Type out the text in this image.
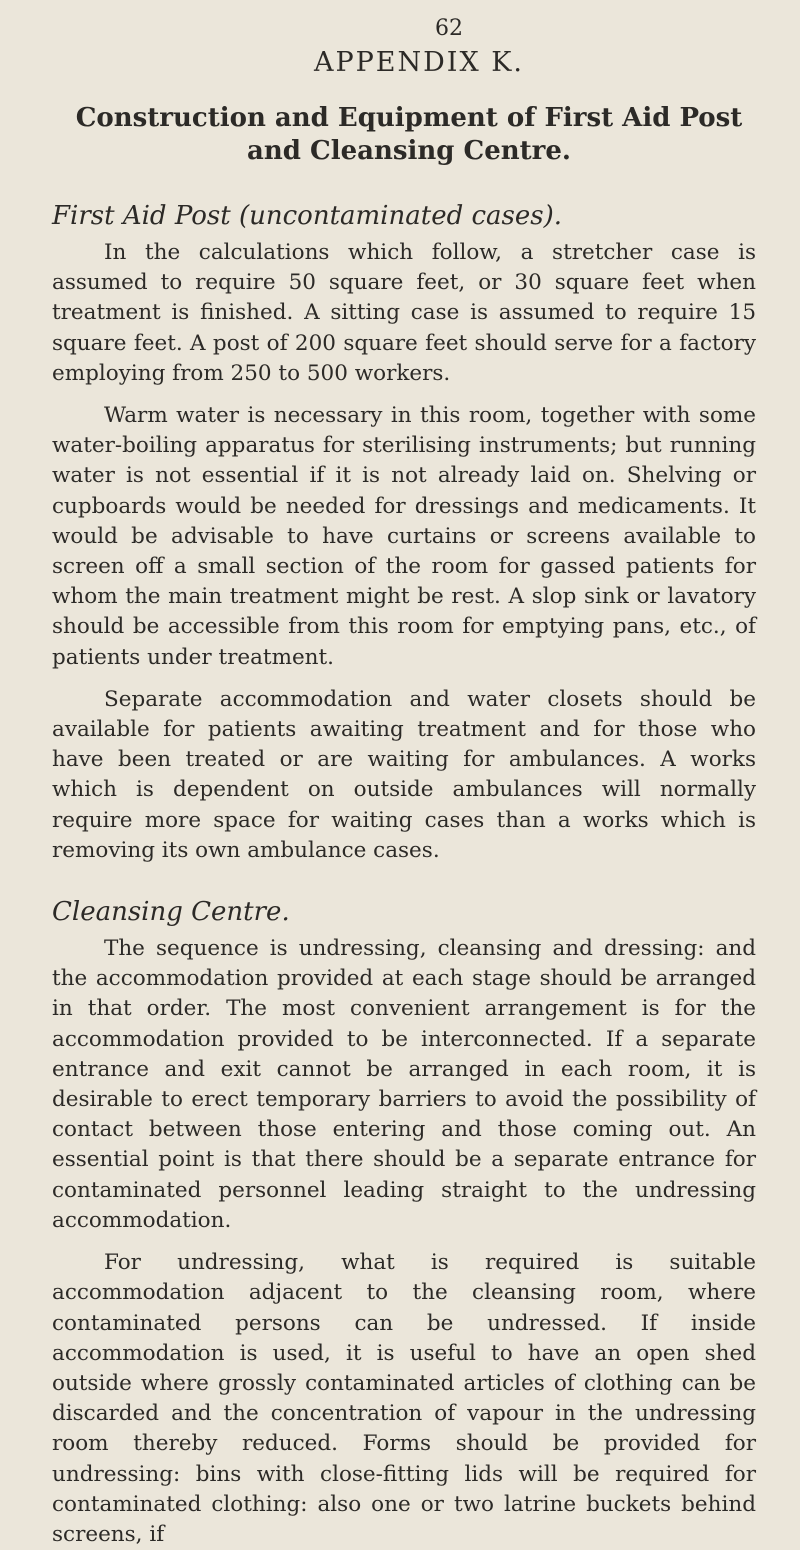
62
APPENDIX K.
Construction and Equipment of First Aid Post
and Cleansing Centre.
First Aid Post (uncontaminated cases).

In the calculations which follow, a stretcher case is assumed to require 50 square feet, or 30 square feet when treatment is finished. A sitting case is assumed to require 15 square feet. A post of 200 square feet should serve for a factory employing from 250 to 500 workers.

Warm water is necessary in this room, together with some water-boiling apparatus for sterilising instruments; but running water is not essential if it is not already laid on. Shelving or cupboards would be needed for dressings and medicaments. It would be advisable to have curtains or screens available to screen off a small section of the room for gassed patients for whom the main treatment might be rest. A slop sink or lavatory should be accessible from this room for emptying pans, etc., of patients under treatment.

Separate accommodation and water closets should be available for patients awaiting treatment and for those who have been treated or are waiting for ambulances. A works which is dependent on outside ambulances will normally require more space for waiting cases than a works which is removing its own ambulance cases.

Cleansing Centre.

The sequence is undressing, cleansing and dressing: and the accommodation provided at each stage should be arranged in that order. The most convenient arrangement is for the accommodation provided to be interconnected. If a separate entrance and exit cannot be arranged in each room, it is desirable to erect temporary barriers to avoid the possibility of contact between those entering and those coming out. An essential point is that there should be a separate entrance for contaminated personnel leading straight to the undressing accommodation.

For undressing, what is required is suitable accommodation adjacent to the cleansing room, where contaminated persons can be undressed. If inside accommodation is used, it is useful to have an open shed outside where grossly contaminated articles of clothing can be discarded and the concentration of vapour in the undressing room thereby reduced. Forms should be provided for undressing: bins with close-fitting lids will be required for contaminated clothing: also one or two latrine buckets behind screens, if
